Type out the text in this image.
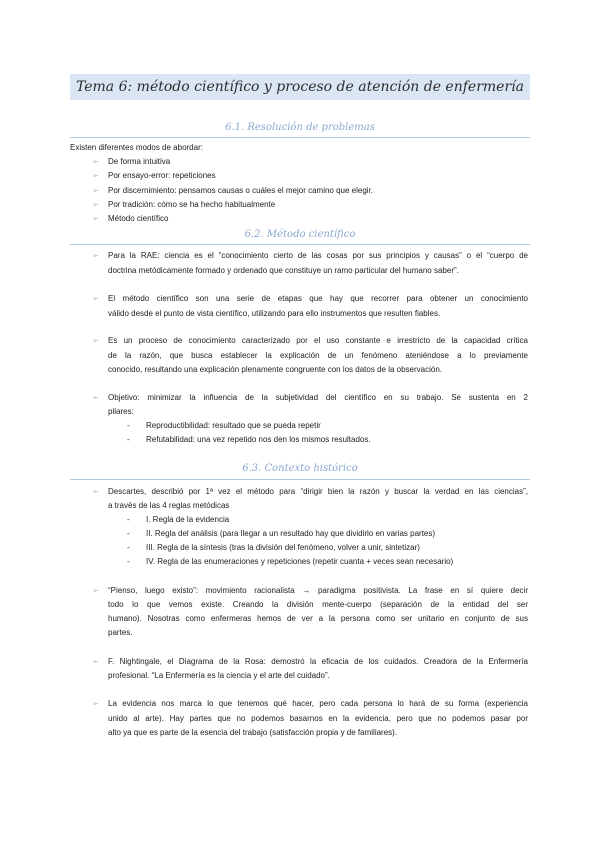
Tema 6: método científico y proceso de atención de enfermería
6.1. Resolución de problemas
Existen diferentes modos de abordar:
➢ De forma intuitiva
➢ Por ensayo-error: repeticiones
➢ Por discernimiento: pensamos causas o cuáles el mejor camino que elegir.
➢ Por tradición: cómo se ha hecho habitualmente
➢ Método científico
6.2. Método científico
➢ Para la RAE: ciencia es el “conocimiento cierto de las cosas por sus principios y causas” o el “cuerpo de
doctrina metódicamente formado y ordenado que constituye un ramo particular del humano saber”.
➢ El método científico son una serie de etapas que hay que recorrer para obtener un conocimiento
válido desde el punto de vista científico, utilizando para ello instrumentos que resulten fiables.
➢ Es un proceso de conocimiento caracterizado por el uso constante e irrestricto de la capacidad crítica
de la razón, que busca establecer la explicación de un fenómeno ateniéndose a lo previamente
conocido, resultando una explicación plenamente congruente con los datos de la observación.
➢ Objetivo: minimizar la influencia de la subjetividad del científico en su trabajo. Se sustenta en 2
pilares:
- Reproductibilidad: resultado que se pueda repetir
- Refutabilidad: una vez repetido nos den los mismos resultados.
6.3. Contexto histórico
➢ Descartes, describió por 1ª vez el método para “dirigir bien la razón y buscar la verdad en las ciencias”,
a través de las 4 reglas metódicas
- I. Regla de la evidencia
- II. Regla del análisis (para llegar a un resultado hay que dividirlo en varias partes)
- III. Regla de la síntesis (tras la división del fenómeno, volver a unir, sintetizar)
- IV. Regla de las enumeraciones y repeticiones (repetir cuanta + veces sean necesario)
➢ “Pienso, luego existo”: movimiento racionalista → paradigma positivista. La frase en sí quiere decir
todo lo que vemos existe. Creando la división mente-cuerpo (separación de la entidad del ser
humano). Nosotras como enfermeras hemos de ver a la persona como ser unitario en conjunto de sus
partes.
➢ F. Nightingale, el Diagrama de la Rosa: demostró la eficacia de los cuidados. Creadora de la Enfermería
profesional. “La Enfermería es la ciencia y el arte del cuidado”.
➢ La evidencia nos marca lo que tenemos qué hacer, pero cada persona lo hará de su forma (experiencia
unido al arte). Hay partes que no podemos basarnos en la evidencia, pero que no podemos pasar por
alto ya que es parte de la esencia del trabajo (satisfacción propia y de familiares).
